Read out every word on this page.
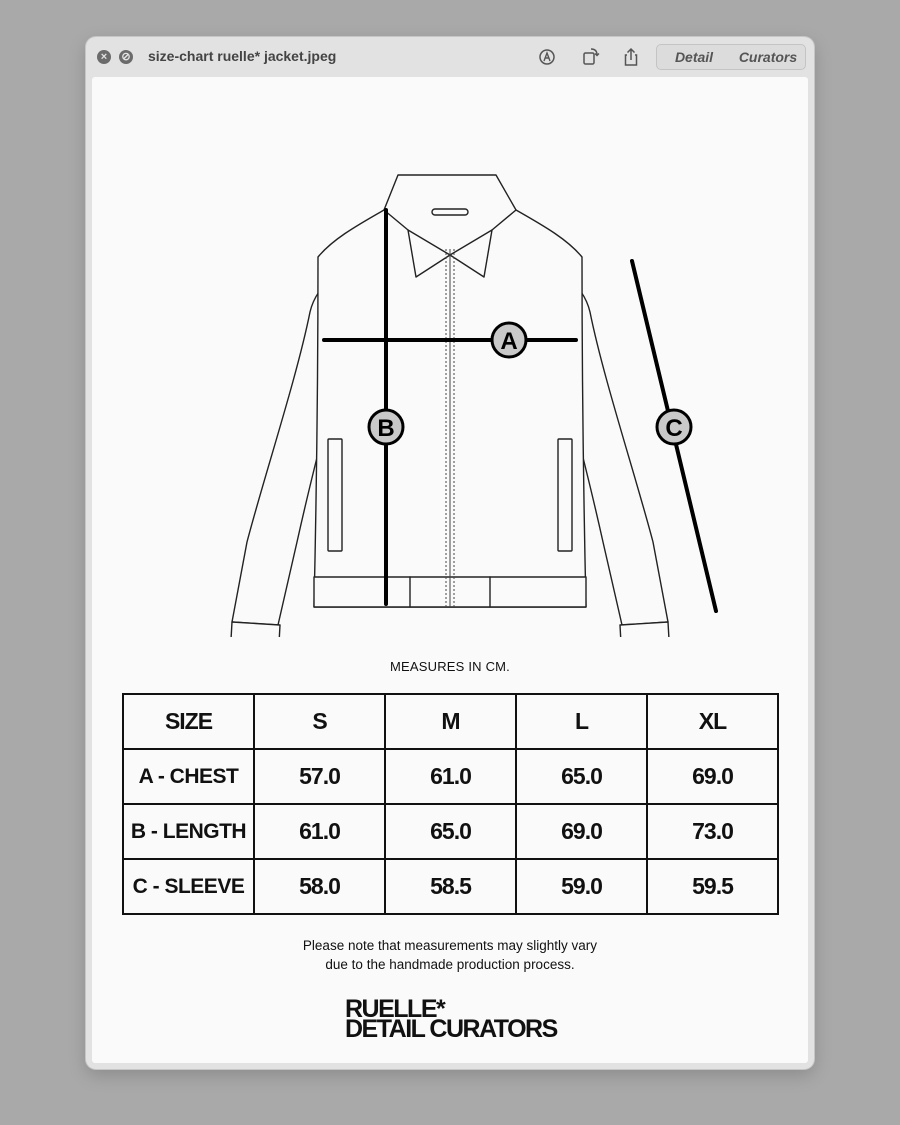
×	⊘ size-chart ruelle* jacket.jpeg	Detail	Curators
A
B	C
MEASURES IN CM.
SIZE	S	M	L	XL
A - CHEST	57.0	61.0	65.0	69.0
B - LENGTH	61.0	65.0	69.0	73.0
C - SLEEVE	58.0	58.5	59.0	59.5
Please note that measurements may slightly vary
due to the handmade production process.
RUELLE*
DETAIL CURATORS
